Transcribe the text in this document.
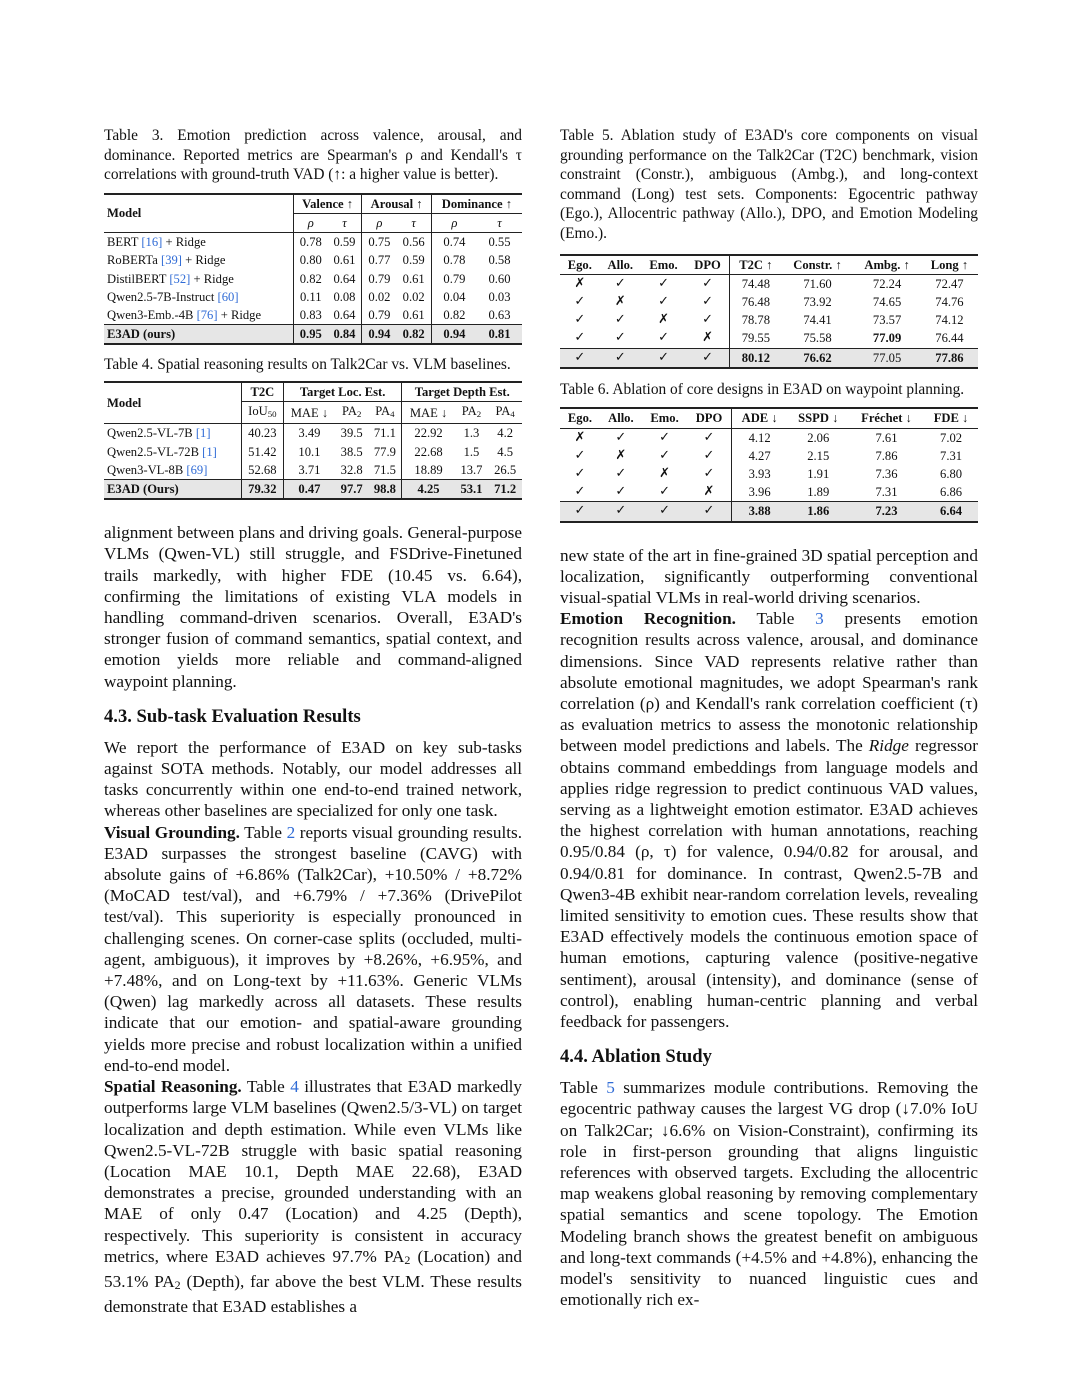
Table 3. Emotion prediction across valence, arousal, and dominance. Reported metrics are Spearman's ρ and Kendall's τ correlations with ground-truth VAD (↑: a higher value is better).

Model	Valence ↑		Arousal ↑		Dominance ↑	
	ρ	τ	ρ	τ	ρ	τ
BERT [16] + Ridge	0.78	0.59	0.75	0.56	0.74	0.55
RoBERTa [39] + Ridge	0.80	0.61	0.77	0.59	0.78	0.58
DistilBERT [52] + Ridge	0.82	0.64	0.79	0.61	0.79	0.60
Qwen2.5-7B-Instruct [60]	0.11	0.08	0.02	0.02	0.04	0.03
Qwen3-Emb.-4B [76] + Ridge	0.83	0.64	0.79	0.61	0.82	0.63
E3AD (ours)	0.95	0.84	0.94	0.82	0.94	0.81

Table 4. Spatial reasoning results on Talk2Car vs. VLM baselines.

Model	T2C	Target Loc. Est.			Target Depth Est.		
	IoU$_{50}$	MAE ↓	$PA_2$	$PA_4$	MAE ↓	$PA_2$	$PA_4$
Qwen2.5-VL-7B [1]	40.23	3.49	39.5	71.1	22.92	1.3	4.2
Qwen2.5-VL-72B [1]	51.42	10.1	38.5	77.9	22.68	1.5	4.5
Qwen3-VL-8B [69]	52.68	3.71	32.8	71.5	18.89	13.7	26.5
E3AD (Ours)	79.32	0.47	97.7	98.8	4.25	53.1	71.2

alignment between plans and driving goals. General-purpose VLMs (Qwen-VL) still struggle, and FSDrive-Finetuned trails markedly, with higher FDE (10.45 vs. 6.64), confirming the limitations of existing VLA models in handling command-driven scenarios. Overall, E3AD's stronger fusion of command semantics, spatial context, and emotion yields more reliable and command-aligned waypoint planning.

4.3. Sub-task Evaluation Results

We report the performance of E3AD on key sub-tasks against SOTA methods. Notably, our model addresses all tasks concurrently within one end-to-end trained network, whereas other baselines are specialized for only one task.

Visual Grounding. Table 2 reports visual grounding results. E3AD surpasses the strongest baseline (CAVG) with absolute gains of +6.86% (Talk2Car), +10.50% / +8.72% (MoCAD test/val), and +6.79% / +7.36% (DrivePilot test/val). This superiority is especially pronounced in challenging scenes. On corner-case splits (occluded, multi-agent, ambiguous), it improves by +8.26%, +6.95%, and +7.48%, and on Long-text by +11.63%. Generic VLMs (Qwen) lag markedly across all datasets. These results indicate that our emotion- and spatial-aware grounding yields more precise and robust localization within a unified end-to-end model.

Spatial Reasoning. Table 4 illustrates that E3AD markedly outperforms large VLM baselines (Qwen2.5/3-VL) on target localization and depth estimation. While even VLMs like Qwen2.5-VL-72B struggle with basic spatial reasoning (Location MAE 10.1, Depth MAE 22.68), E3AD demonstrates a precise, grounded understanding with an MAE of only 0.47 (Location) and 4.25 (Depth), respectively. This superiority is consistent in accuracy metrics, where E3AD achieves 97.7% PA2 (Location) and 53.1% PA2 (Depth), far above the best VLM. These results demonstrate that E3AD establishes a

Table 5. Ablation study of E3AD's core components on visual grounding performance on the Talk2Car (T2C) benchmark, vision constraint (Constr.), ambiguous (Ambg.), and long-context command (Long) test sets. Components: Egocentric pathway (Ego.), Allocentric pathway (Allo.), DPO, and Emotion Modeling (Emo.).

Ego.	Allo.	Emo.	DPO	T2C ↑	Constr. ↑	Ambg. ↑	Long ↑
✗	✓	✓	✓	74.48	71.60	72.24	72.47
✓	✗	✓	✓	76.48	73.92	74.65	74.76
✓	✓	✗	✓	78.78	74.41	73.57	74.12
✓	✓	✓	✗	79.55	75.58	77.09	76.44
✓	✓	✓	✓	80.12	76.62	77.05	77.86

Table 6. Ablation of core designs in E3AD on waypoint planning.

Ego.	Allo.	Emo.	DPO	ADE ↓	SSPD ↓	Fréchet ↓	FDE ↓
✗	✓	✓	✓	4.12	2.06	7.61	7.02
✓	✗	✓	✓	4.27	2.15	7.86	7.31
✓	✓	✗	✓	3.93	1.91	7.36	6.80
✓	✓	✓	✗	3.96	1.89	7.31	6.86
✓	✓	✓	✓	3.88	1.86	7.23	6.64

new state of the art in fine-grained 3D spatial perception and localization, significantly outperforming conventional visual-spatial VLMs in real-world driving scenarios.

Emotion Recognition. Table 3 presents emotion recognition results across valence, arousal, and dominance dimensions. Since VAD represents relative rather than absolute emotional magnitudes, we adopt Spearman's rank correlation (ρ) and Kendall's rank correlation coefficient (τ) as evaluation metrics to assess the monotonic relationship between model predictions and labels. The Ridge regressor obtains command embeddings from language models and applies ridge regression to predict continuous VAD values, serving as a lightweight emotion estimator. E3AD achieves the highest correlation with human annotations, reaching 0.95/0.84 (ρ, τ) for valence, 0.94/0.82 for arousal, and 0.94/0.81 for dominance. In contrast, Qwen2.5-7B and Qwen3-4B exhibit near-random correlation levels, revealing limited sensitivity to emotion cues. These results show that E3AD effectively models the continuous emotion space of human emotions, capturing valence (positive-negative sentiment), arousal (intensity), and dominance (sense of control), enabling human-centric planning and verbal feedback for passengers.

4.4. Ablation Study

Table 5 summarizes module contributions. Removing the egocentric pathway causes the largest VG drop (↓7.0% IoU on Talk2Car; ↓6.6% on Vision-Constraint), confirming its role in first-person grounding that aligns linguistic references with observed targets. Excluding the allocentric map weakens global reasoning by removing complementary spatial semantics and scene topology. The Emotion Modeling branch shows the greatest benefit on ambiguous and long-text commands (+4.5% and +4.8%), enhancing the model's sensitivity to nuanced linguistic cues and emotionally rich ex-
